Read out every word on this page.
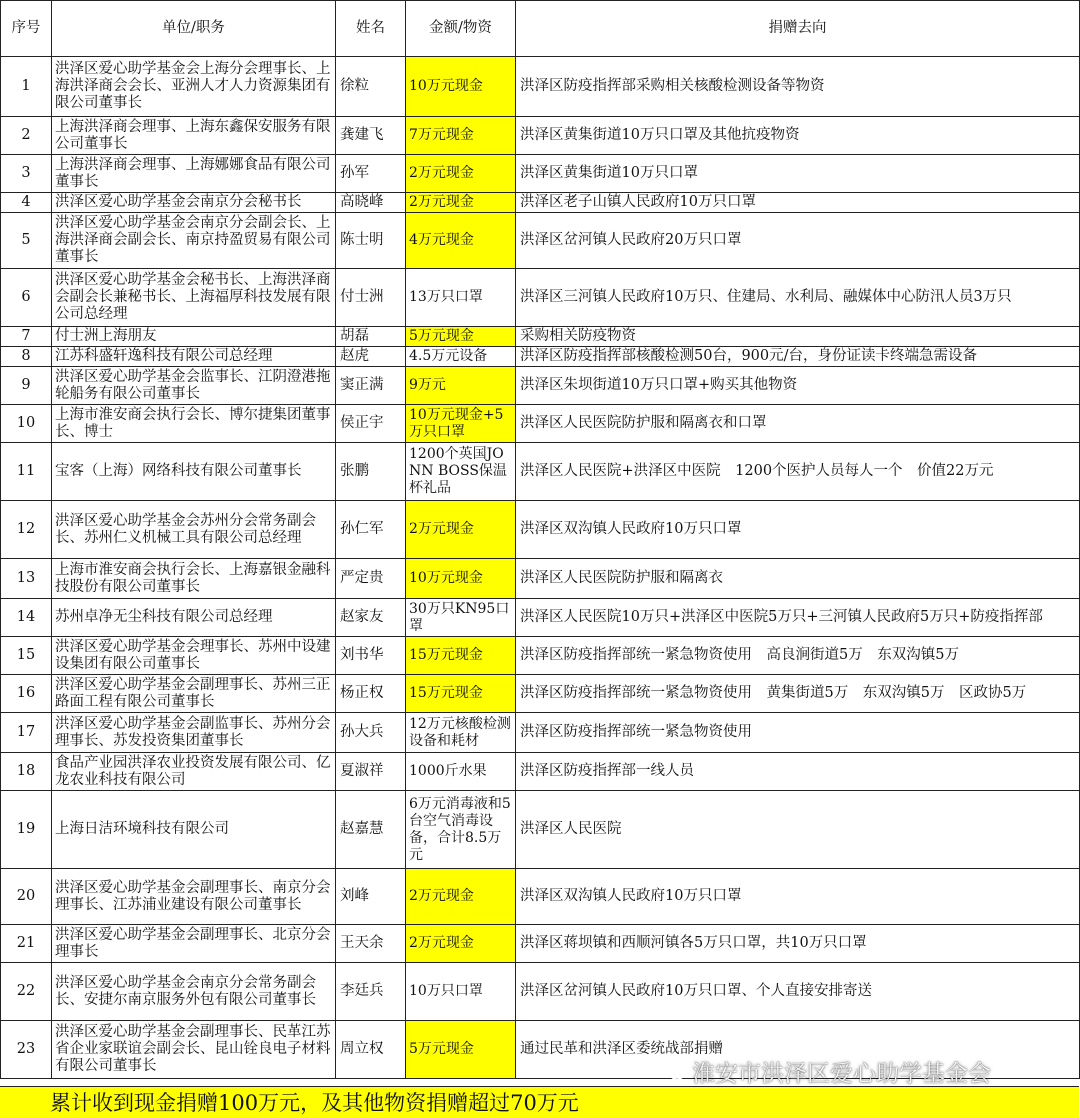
序号	单位/职务	姓名	金额/物资	捐赠去向
1	洪泽区爱心助学基金会上海分会理事长、上海洪泽商会会长、亚洲人才人力资源集团有限公司董事长	徐粒	10万元现金	洪泽区防疫指挥部采购相关核酸检测设备等物资
2	上海洪泽商会理事、上海东鑫保安服务有限公司董事长	龚建飞	7万元现金	洪泽区黄集街道10万只口罩及其他抗疫物资
3	上海洪泽商会理事、上海娜娜食品有限公司董事长	孙军	2万元现金	洪泽区黄集街道10万只口罩
4	洪泽区爱心助学基金会南京分会秘书长	高晓峰	2万元现金	洪泽区老子山镇人民政府10万只口罩
5	洪泽区爱心助学基金会南京分会副会长、上海洪泽商会副会长、南京持盈贸易有限公司董事长	陈士明	4万元现金	洪泽区岔河镇人民政府20万只口罩
6	洪泽区爱心助学基金会秘书长、上海洪泽商会副会长兼秘书长、上海福厚科技发展有限公司总经理	付士洲	13万只口罩	洪泽区三河镇人民政府10万只、住建局、水利局、融媒体中心防汛人员3万只
7	付士洲上海朋友	胡磊	5万元现金	采购相关防疫物资
8	江苏科盛轩逸科技有限公司总经理	赵虎	4.5万元设备	洪泽区防疫指挥部核酸检测50台，900元/台，身份证读卡终端急需设备
9	洪泽区爱心助学基金会监事长、江阴澄港拖轮船务有限公司董事长	窦正满	9万元	洪泽区朱坝街道10万只口罩+购买其他物资
10	上海市淮安商会执行会长、博尔捷集团董事长、博士	侯正宇	10万元现金+5万只口罩	洪泽区人民医院防护服和隔离衣和口罩
11	宝客（上海）网络科技有限公司董事长	张鹏	1200个英国JONN BOSS保温杯礼品	洪泽区人民医院+洪泽区中医院　1200个医护人员每人一个　价值22万元
12	洪泽区爱心助学基金会苏州分会常务副会长、苏州仁义机械工具有限公司总经理	孙仁军	2万元现金	洪泽区双沟镇人民政府10万只口罩
13	上海市淮安商会执行会长、上海嘉银金融科技股份有限公司董事长	严定贵	10万元现金	洪泽区人民医院防护服和隔离衣
14	苏州卓净无尘科技有限公司总经理	赵家友	30万只KN95口罩	洪泽区人民医院10万只+洪泽区中医院5万只+三河镇人民政府5万只+防疫指挥部
15	洪泽区爱心助学基金会理事长、苏州中设建设集团有限公司董事长	刘书华	15万元现金	洪泽区防疫指挥部统一紧急物资使用　高良涧街道5万　东双沟镇5万
16	洪泽区爱心助学基金会副理事长、苏州三正路面工程有限公司董事长	杨正权	15万元现金	洪泽区防疫指挥部统一紧急物资使用　黄集街道5万　东双沟镇5万　区政协5万
17	洪泽区爱心助学基金会副监事长、苏州分会理事长、苏发投资集团董事长	孙大兵	12万元核酸检测设备和耗材	洪泽区防疫指挥部统一紧急物资使用
18	食品产业园洪泽农业投资发展有限公司、亿龙农业科技有限公司	夏淑祥	1000斤水果	洪泽区防疫指挥部一线人员
19	上海日洁环境科技有限公司	赵嘉慧	6万元消毒液和5台空气消毒设备，合计8.5万元	洪泽区人民医院
20	洪泽区爱心助学基金会副理事长、南京分会理事长、江苏浦业建设有限公司董事长	刘峰	2万元现金	洪泽区双沟镇人民政府10万只口罩
21	洪泽区爱心助学基金会副理事长、北京分会理事长	王天余	2万元现金	洪泽区蒋坝镇和西顺河镇各5万只口罩，共10万只口罩
22	洪泽区爱心助学基金会南京分会常务副会长、安捷尔南京服务外包有限公司董事长	李廷兵	10万只口罩	洪泽区岔河镇人民政府10万只口罩、个人直接安排寄送
23	洪泽区爱心助学基金会副理事长、民革江苏省企业家联谊会副会长、昆山铨良电子材料有限公司董事长	周立权	5万元现金	通过民革和洪泽区委统战部捐赠
淮安市洪泽区爱心助学基金会
累计收到现金捐赠100万元，及其他物资捐赠超过70万元
